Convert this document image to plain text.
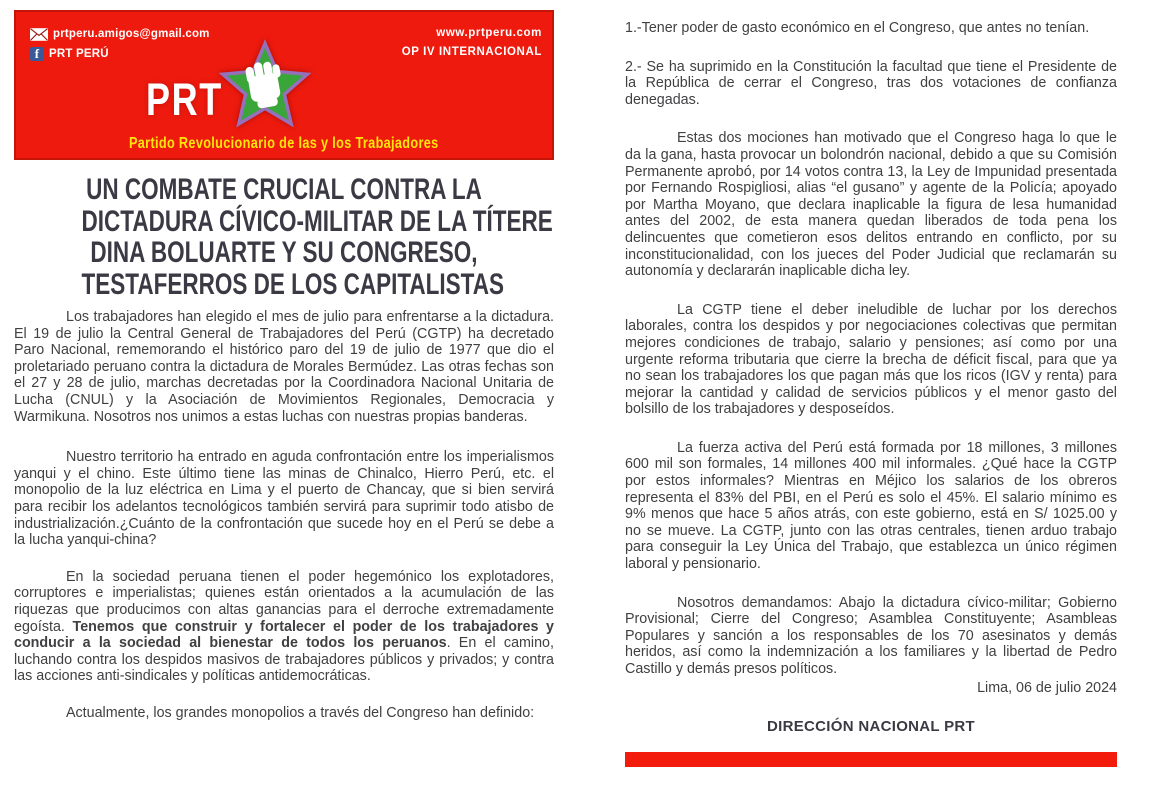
prtperu.amigos@gmail.com
f PRT PERÚ
www.prtperu.com
OP IV INTERNACIONAL
PRT
Partido Revolucionario de las y los Trabajadores
UN COMBATE CRUCIAL CONTRA LA
DICTADURA CÍVICO-MILITAR DE LA TÍTERE
DINA BOLUARTE Y SU CONGRESO,
TESTAFERROS DE LOS CAPITALISTAS

Los trabajadores han elegido el mes de julio para enfrentarse a la dictadura. El 19 de julio la Central General de Trabajadores del Perú (CGTP) ha decretado Paro Nacional, rememorando el histórico paro del 19 de julio de 1977 que dio el proletariado peruano contra la dictadura de Morales Bermúdez. Las otras fechas son el 27 y 28 de julio, marchas decretadas por la Coordinadora Nacional Unitaria de Lucha (CNUL) y la Asociación de Movimientos Regionales, Democracia y Warmikuna. Nosotros nos unimos a estas luchas con nuestras propias banderas.

Nuestro territorio ha entrado en aguda confrontación entre los imperialismos yanqui y el chino. Este último tiene las minas de Chinalco, Hierro Perú, etc. el monopolio de la luz eléctrica en Lima y el puerto de Chancay, que si bien servirá para recibir los adelantos tecnológicos también servirá para suprimir todo atisbo de industrialización.¿Cuánto de la confrontación que sucede hoy en el Perú se debe a la lucha yanqui-china?

En la sociedad peruana tienen el poder hegemónico los explotadores, corruptores e imperialistas; quienes están orientados a la acumulación de las riquezas que producimos con altas ganancias para el derroche extremadamente egoísta. Tenemos que construir y fortalecer el poder de los trabajadores y conducir a la sociedad al bienestar de todos los peruanos. En el camino, luchando contra los despidos masivos de trabajadores públicos y privados; y contra las acciones anti-sindicales y políticas antidemocráticas.

Actualmente, los grandes monopolios a través del Congreso han definido:

1.-Tener poder de gasto económico en el Congreso, que antes no tenían.

2.- Se ha suprimido en la Constitución la facultad que tiene el Presidente de la República de cerrar el Congreso, tras dos votaciones de confianza denegadas.

Estas dos mociones han motivado que el Congreso haga lo que le da la gana, hasta provocar un bolondrón nacional, debido a que su Comisión Permanente aprobó, por 14 votos contra 13, la Ley de Impunidad presentada por Fernando Rospigliosi, alias “el gusano” y agente de la Policía; apoyado por Martha Moyano, que declara inaplicable la figura de lesa humanidad antes del 2002, de esta manera quedan liberados de toda pena los delincuentes que cometieron esos delitos entrando en conflicto, por su inconstitucionalidad, con los jueces del Poder Judicial que reclamarán su autonomía y declararán inaplicable dicha ley.

La CGTP tiene el deber ineludible de luchar por los derechos laborales, contra los despidos y por negociaciones colectivas que permitan mejores condiciones de trabajo, salario y pensiones; así como por una urgente reforma tributaria que cierre la brecha de déficit fiscal, para que ya no sean los trabajadores los que pagan más que los ricos (IGV y renta) para mejorar la cantidad y calidad de servicios públicos y el menor gasto del bolsillo de los trabajadores y desposeídos.

La fuerza activa del Perú está formada por 18 millones, 3 millones 600 mil son formales, 14 millones 400 mil informales. ¿Qué hace la CGTP por estos informales? Mientras en Méjico los salarios de los obreros representa el 83% del PBI, en el Perú es solo el 45%. El salario mínimo es 9% menos que hace 5 años atrás, con este gobierno, está en S/ 1025.00 y no se mueve. La CGTP, junto con las otras centrales, tienen arduo trabajo para conseguir la Ley Única del Trabajo, que establezca un único régimen laboral y pensionario.

Nosotros demandamos: Abajo la dictadura cívico-militar; Gobierno Provisional; Cierre del Congreso; Asamblea Constituyente; Asambleas Populares y sanción a los responsables de los 70 asesinatos y demás heridos, así como la indemnización a los familiares y la libertad de Pedro Castillo y demás presos políticos.

Lima, 06 de julio 2024
DIRECCIÓN NACIONAL PRT
